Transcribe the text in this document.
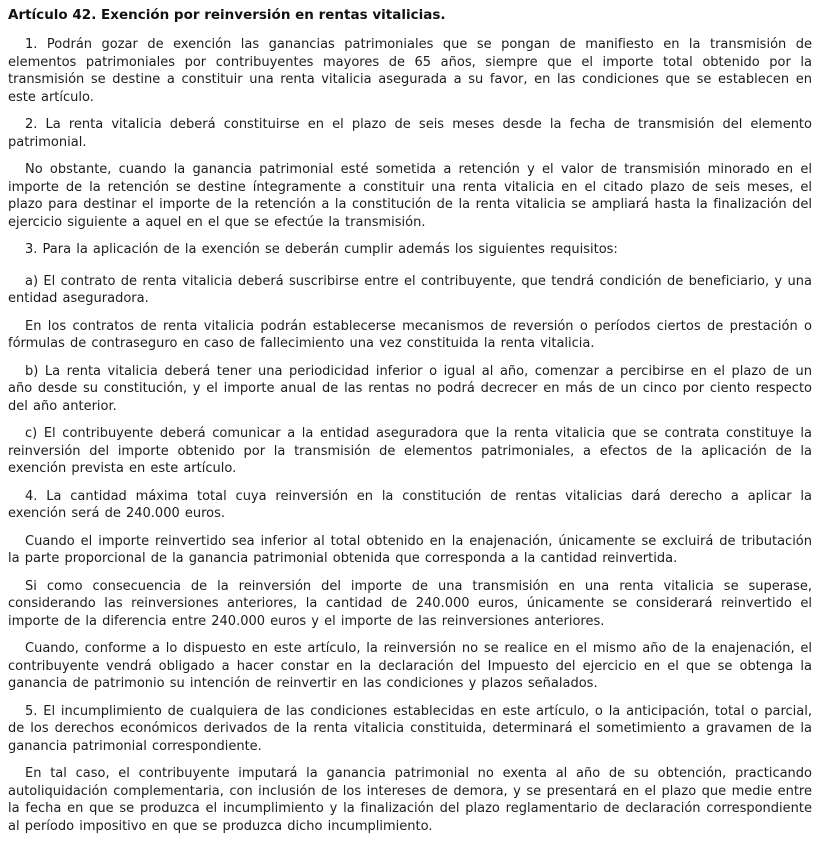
Artículo 42. Exención por reinversión en rentas vitalicias.

1. Podrán gozar de exención las ganancias patrimoniales que se pongan de manifiesto en la transmisión de elementos patrimoniales por contribuyentes mayores de 65 años, siempre que el importe total obtenido por la transmisión se destine a constituir una renta vitalicia asegurada a su favor, en las condiciones que se establecen en este artículo.

2. La renta vitalicia deberá constituirse en el plazo de seis meses desde la fecha de transmisión del elemento patrimonial.

No obstante, cuando la ganancia patrimonial esté sometida a retención y el valor de transmisión minorado en el importe de la retención se destine íntegramente a constituir una renta vitalicia en el citado plazo de seis meses, el plazo para destinar el importe de la retención a la constitución de la renta vitalicia se ampliará hasta la finalización del ejercicio siguiente a aquel en el que se efectúe la transmisión.

3. Para la aplicación de la exención se deberán cumplir además los siguientes requisitos:

a) El contrato de renta vitalicia deberá suscribirse entre el contribuyente, que tendrá condición de beneficiario, y una entidad aseguradora.

En los contratos de renta vitalicia podrán establecerse mecanismos de reversión o períodos ciertos de prestación o fórmulas de contraseguro en caso de fallecimiento una vez constituida la renta vitalicia.

b) La renta vitalicia deberá tener una periodicidad inferior o igual al año, comenzar a percibirse en el plazo de un año desde su constitución, y el importe anual de las rentas no podrá decrecer en más de un cinco por ciento respecto del año anterior.

c) El contribuyente deberá comunicar a la entidad aseguradora que la renta vitalicia que se contrata constituye la reinversión del importe obtenido por la transmisión de elementos patrimoniales, a efectos de la aplicación de la exención prevista en este artículo.

4. La cantidad máxima total cuya reinversión en la constitución de rentas vitalicias dará derecho a aplicar la exención será de 240.000 euros.

Cuando el importe reinvertido sea inferior al total obtenido en la enajenación, únicamente se excluirá de tributación la parte proporcional de la ganancia patrimonial obtenida que corresponda a la cantidad reinvertida.

Si como consecuencia de la reinversión del importe de una transmisión en una renta vitalicia se superase, considerando las reinversiones anteriores, la cantidad de 240.000 euros, únicamente se considerará reinvertido el importe de la diferencia entre 240.000 euros y el importe de las reinversiones anteriores.

Cuando, conforme a lo dispuesto en este artículo, la reinversión no se realice en el mismo año de la enajenación, el contribuyente vendrá obligado a hacer constar en la declaración del Impuesto del ejercicio en el que se obtenga la ganancia de patrimonio su intención de reinvertir en las condiciones y plazos señalados.

5. El incumplimiento de cualquiera de las condiciones establecidas en este artículo, o la anticipación, total o parcial, de los derechos económicos derivados de la renta vitalicia constituida, determinará el sometimiento a gravamen de la ganancia patrimonial correspondiente.

En tal caso, el contribuyente imputará la ganancia patrimonial no exenta al año de su obtención, practicando autoliquidación complementaria, con inclusión de los intereses de demora, y se presentará en el plazo que medie entre la fecha en que se produzca el incumplimiento y la finalización del plazo reglamentario de declaración correspondiente al período impositivo en que se produzca dicho incumplimiento.
